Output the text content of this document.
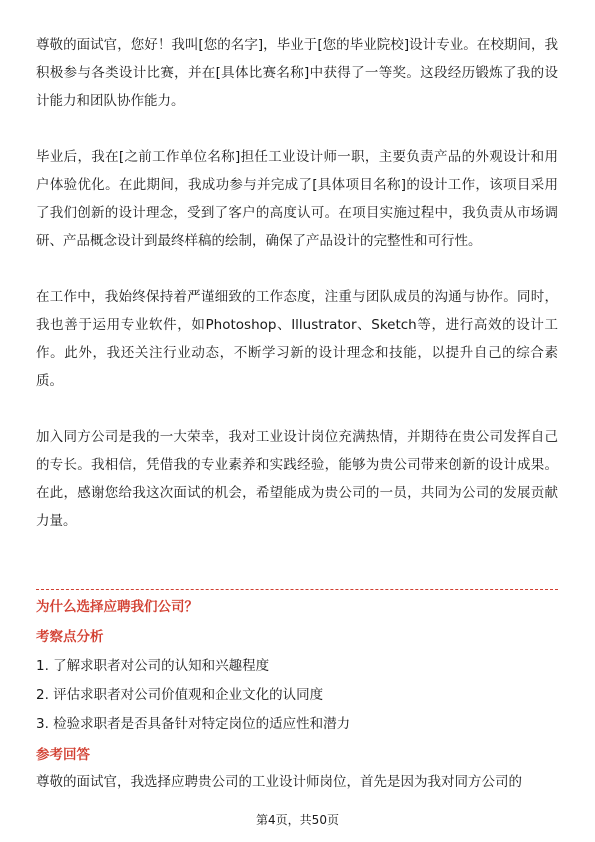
尊敬的面试官，您好！我叫[您的名字]，毕业于[您的毕业院校]设计专业。在校期间，我积极参与各类设计比赛，并在[具体比赛名称]中获得了一等奖。这段经历锻炼了我的设计能力和团队协作能力。

毕业后，我在[之前工作单位名称]担任工业设计师一职，主要负责产品的外观设计和用户体验优化。在此期间，我成功参与并完成了[具体项目名称]的设计工作，该项目采用了我们创新的设计理念，受到了客户的高度认可。在项目实施过程中，我负责从市场调研、产品概念设计到最终样稿的绘制，确保了产品设计的完整性和可行性。

在工作中，我始终保持着严谨细致的工作态度，注重与团队成员的沟通与协作。同时，我也善于运用专业软件，如Photoshop、Illustrator、Sketch等，进行高效的设计工作。此外，我还关注行业动态，不断学习新的设计理念和技能，以提升自己的综合素质。

加入同方公司是我的一大荣幸，我对工业设计岗位充满热情，并期待在贵公司发挥自己的专长。我相信，凭借我的专业素养和实践经验，能够为贵公司带来创新的设计成果。在此，感谢您给我这次面试的机会，希望能成为贵公司的一员，共同为公司的发展贡献力量。

为什么选择应聘我们公司？
考察点分析
1. 了解求职者对公司的认知和兴趣程度
2. 评估求职者对公司价值观和企业文化的认同度
3. 检验求职者是否具备针对特定岗位的适应性和潜力
参考回答

尊敬的面试官，我选择应聘贵公司的工业设计师岗位，首先是因为我对同方公司的

第4页，共50页
